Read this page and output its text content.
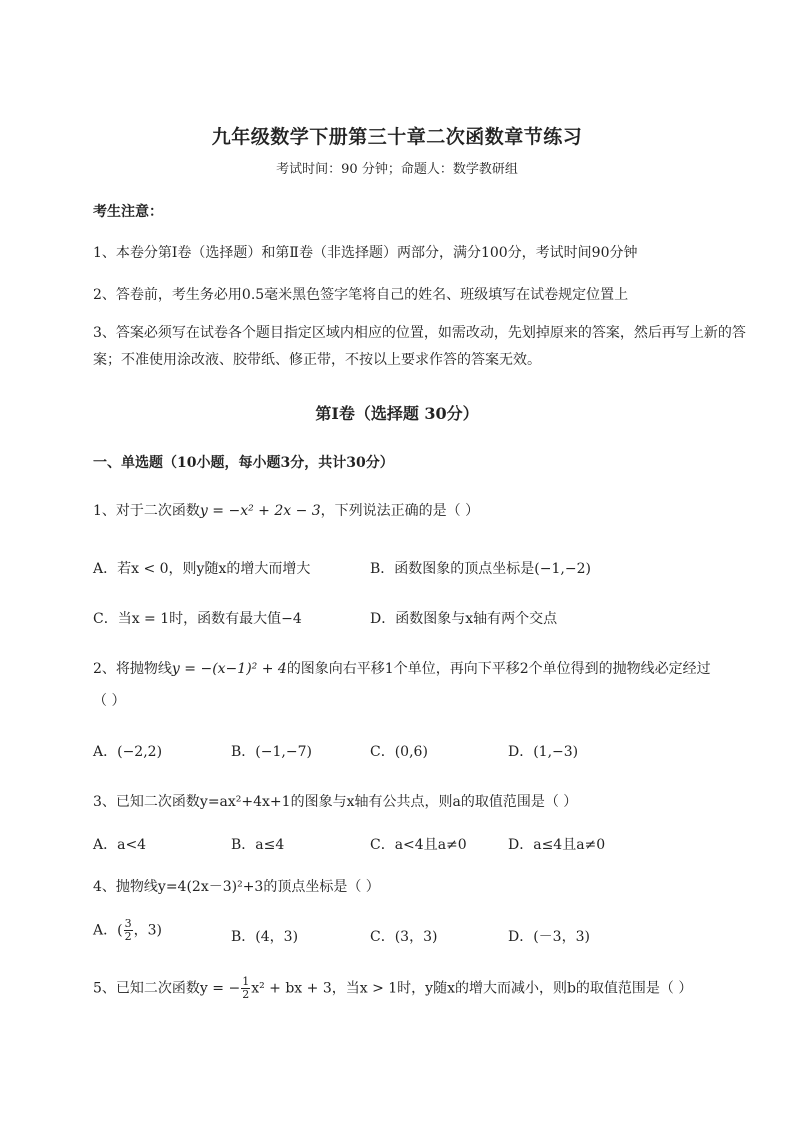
九年级数学下册第三十章二次函数章节练习
考试时间：90 分钟；命题人：数学教研组
考生注意：
1、本卷分第Ⅰ卷（选择题）和第Ⅱ卷（非选择题）两部分，满分100分，考试时间90分钟
2、答卷前，考生务必用0.5毫米黑色签字笔将自己的姓名、班级填写在试卷规定位置上
3、答案必须写在试卷各个题目指定区域内相应的位置，如需改动，先划掉原来的答案，然后再写上新的答案；不准使用涂改液、胶带纸、修正带，不按以上要求作答的答案无效。
第Ⅰ卷（选择题 30分）
一、单选题（10小题，每小题3分，共计30分）
1、对于二次函数y = −x² + 2x − 3，下列说法正确的是（ ）
A．若x < 0，则y随x的增大而增大	B．函数图象的顶点坐标是(−1,−2)
C．当x = 1时，函数有最大值−4	D．函数图象与x轴有两个交点
2、将抛物线y = −(x−1)² + 4的图象向右平移1个单位，再向下平移2个单位得到的抛物线必定经过
（ ）
A．(−2,2)	B．(−1,−7)	C．(0,6)	D．(1,−3)
3、已知二次函数y=ax²+4x+1的图象与x轴有公共点，则a的取值范围是（ ）
A．a<4	B．a≤4	C．a<4且a≠0	D．a≤4且a≠0
4、抛物线y=4(2x－3)²+3的顶点坐标是（ ）
A．( $\frac{3}{2}$ ，3)	B．(4，3)	C．(3，3)	D．(－3，3)
5、已知二次函数y = − $\frac{1}{2} x^2$ + bx + 3，当x > 1时，y随x的增大而减小，则b的取值范围是（ ）
